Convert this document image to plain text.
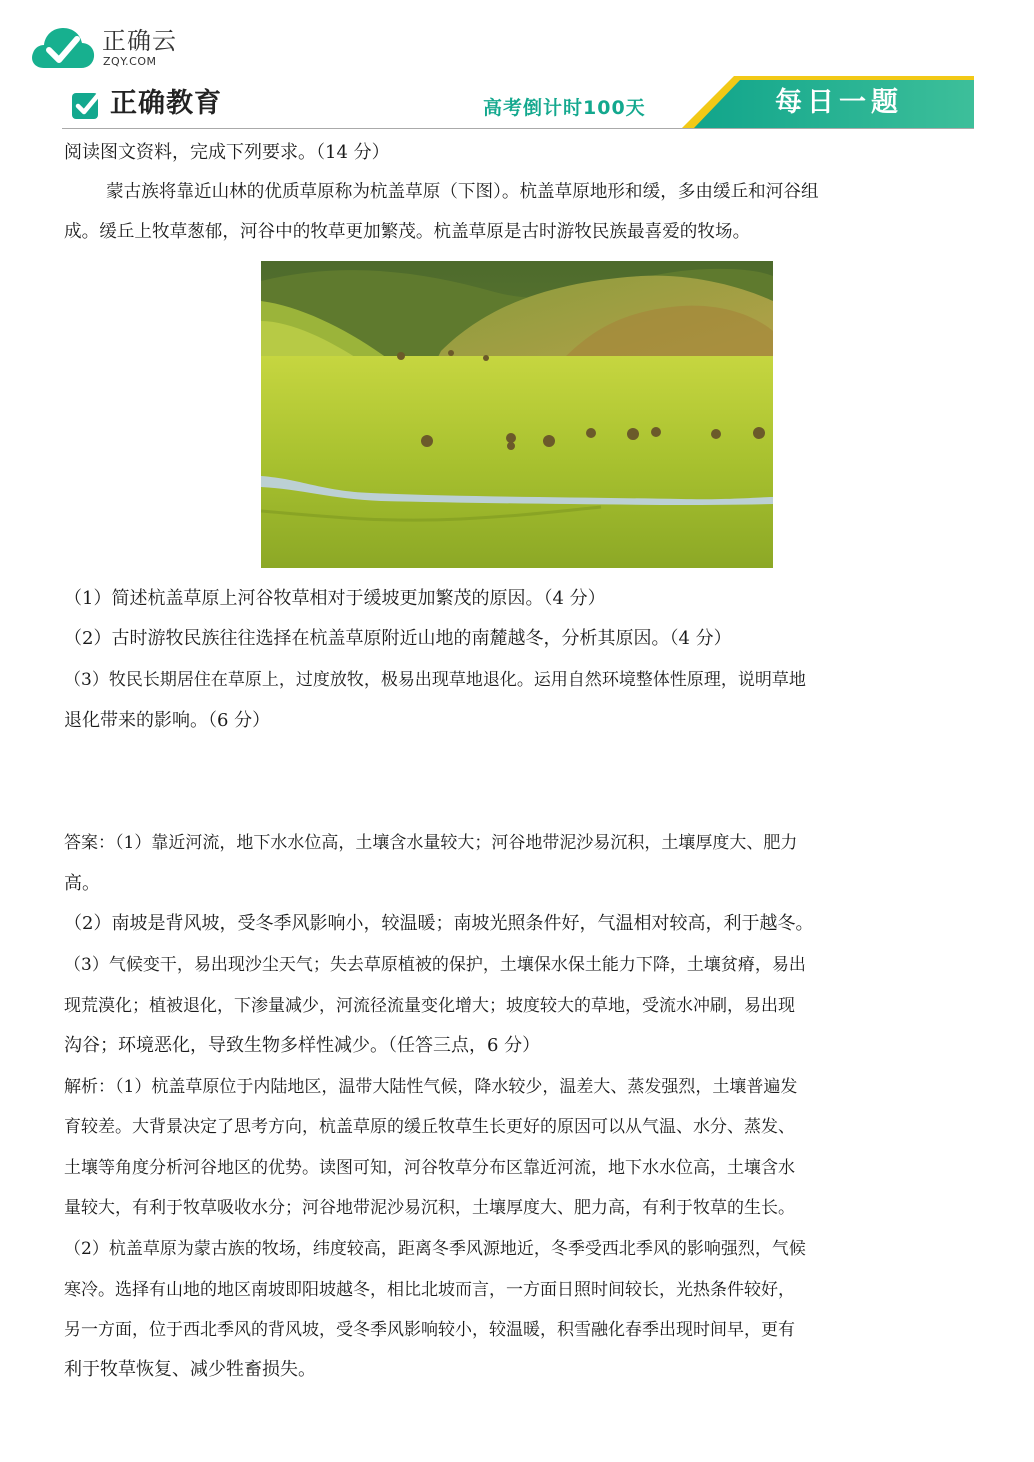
正确云
ZQY.COM
正确教育	高考倒计时100天	每日一题
阅读图文资料，完成下列要求。（14 分）
蒙古族将靠近山林的优质草原称为杭盖草原（下图）。杭盖草原地形和缓，多由缓丘和河谷组
成。缓丘上牧草葱郁，河谷中的牧草更加繁茂。杭盖草原是古时游牧民族最喜爱的牧场。
（1）简述杭盖草原上河谷牧草相对于缓坡更加繁茂的原因。（4 分）
（2）古时游牧民族往往选择在杭盖草原附近山地的南麓越冬，分析其原因。（4 分）
（3）牧民长期居住在草原上，过度放牧，极易出现草地退化。运用自然环境整体性原理，说明草地
退化带来的影响。（6 分）
答案：（1）靠近河流，地下水水位高，土壤含水量较大；河谷地带泥沙易沉积，土壤厚度大、肥力
高。
（2）南坡是背风坡，受冬季风影响小，较温暖；南坡光照条件好，气温相对较高，利于越冬。
（3）气候变干，易出现沙尘天气；失去草原植被的保护，土壤保水保土能力下降，土壤贫瘠，易出
现荒漠化；植被退化，下渗量减少，河流径流量变化增大；坡度较大的草地，受流水冲刷，易出现
沟谷；环境恶化，导致生物多样性减少。（任答三点，6 分）
解析：（1）杭盖草原位于内陆地区，温带大陆性气候，降水较少，温差大、蒸发强烈，土壤普遍发
育较差。大背景决定了思考方向，杭盖草原的缓丘牧草生长更好的原因可以从气温、水分、蒸发、
土壤等角度分析河谷地区的优势。读图可知，河谷牧草分布区靠近河流，地下水水位高，土壤含水
量较大，有利于牧草吸收水分；河谷地带泥沙易沉积，土壤厚度大、肥力高，有利于牧草的生长。
（2）杭盖草原为蒙古族的牧场，纬度较高，距离冬季风源地近，冬季受西北季风的影响强烈，气候
寒冷。选择有山地的地区南坡即阳坡越冬，相比北坡而言，一方面日照时间较长，光热条件较好，
另一方面，位于西北季风的背风坡，受冬季风影响较小，较温暖，积雪融化春季出现时间早，更有
利于牧草恢复、减少牲畜损失。
